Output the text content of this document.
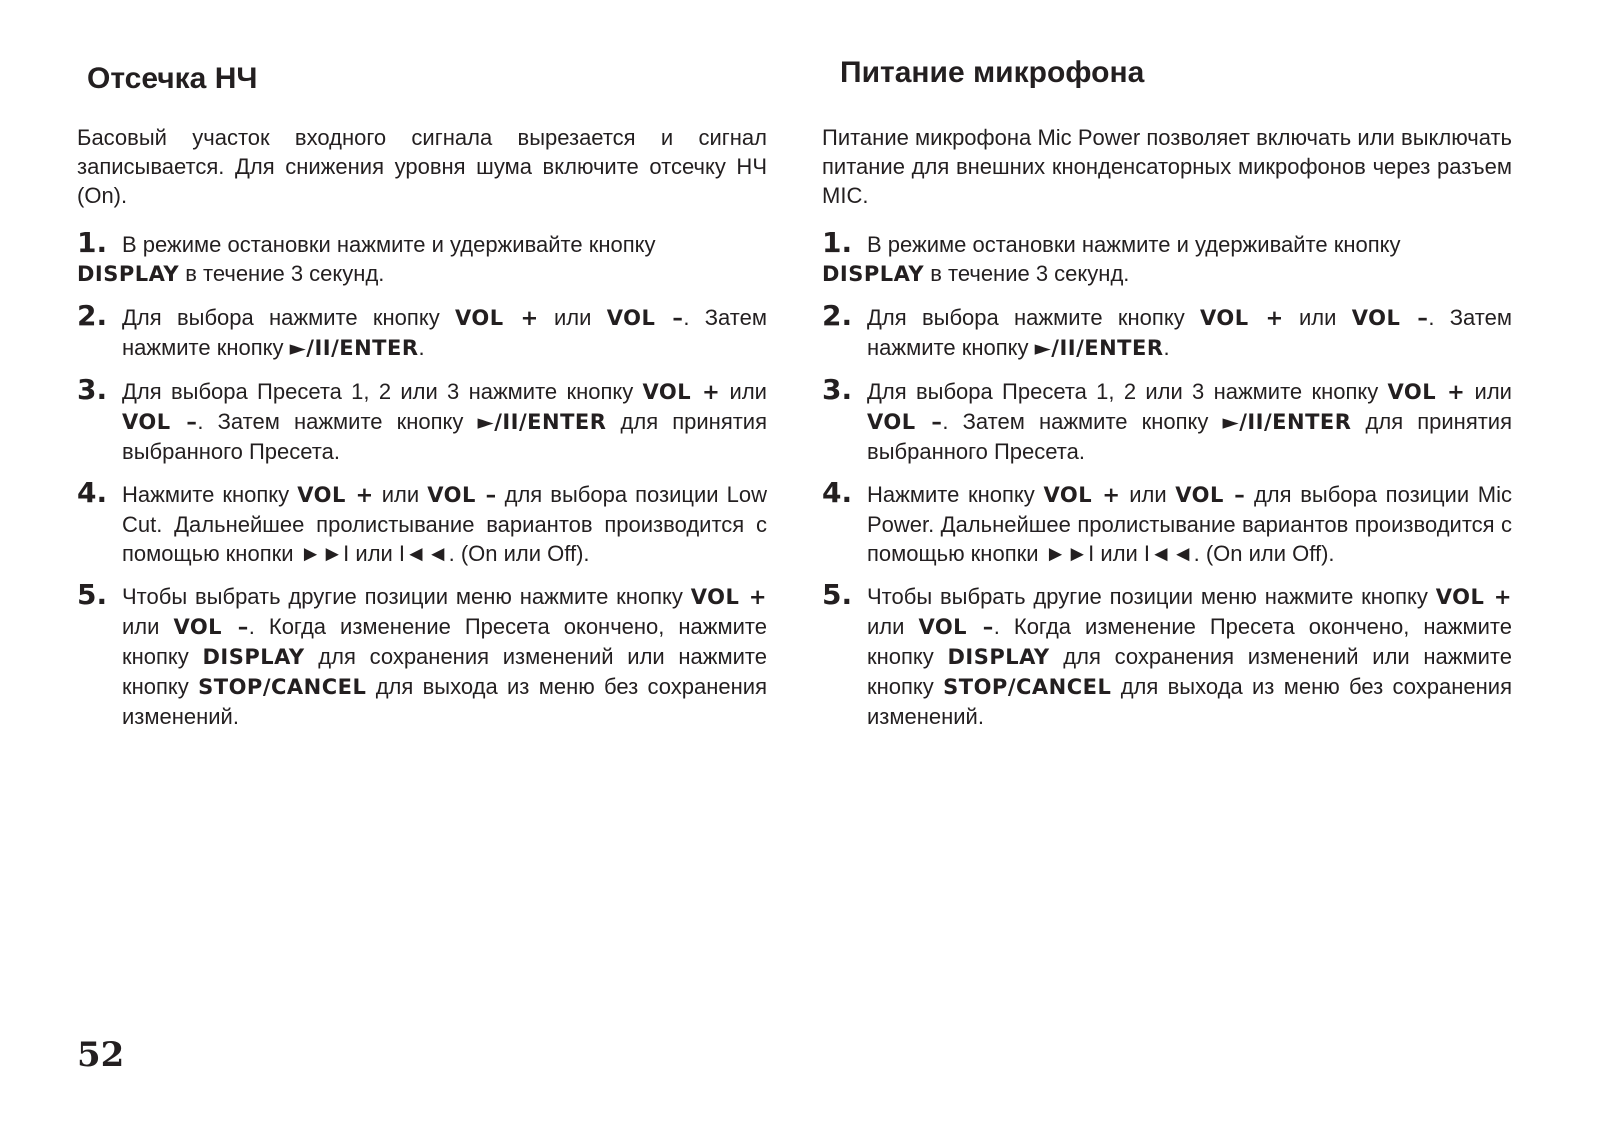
Отсечка НЧ

Басовый участок входного сигнала вырезается и сигнал записывается. Для снижения уровня шума включите отсечку НЧ (On).

1. В режиме остановки нажмите и удерживайте кнопку
DISPLAY в течение 3 секунд.
2. Для выбора нажмите кнопку VOL + или VOL –. Затем нажмите кнопку ►/II/ENTER.
3. Для выбора Пресета 1, 2 или 3 нажмите кнопку VOL + или VOL –. Затем нажмите кнопку ►/II/ENTER для принятия выбранного Пресета.
4. Нажмите кнопку VOL + или VOL – для выбора позиции Low Cut. Дальнейшее пролистывание вариантов производится с помощью кнопки ►►I или I◄◄. (On или Off).
5. Чтобы выбрать другие позиции меню нажмите кнопку VOL + или VOL –. Когда изменение Пресета окончено, нажмите кнопку DISPLAY для сохранения изменений или нажмите кнопку STOP/CANCEL для выхода из меню без сохранения изменений.
Питание микрофона

Питание микрофона Mic Power позволяет включать или выключать питание для внешних кнонденсаторных микрофонов через разъем MIC.

1. В режиме остановки нажмите и удерживайте кнопку
DISPLAY в течение 3 секунд.
2. Для выбора нажмите кнопку VOL + или VOL –. Затем нажмите кнопку ►/II/ENTER.
3. Для выбора Пресета 1, 2 или 3 нажмите кнопку VOL + или VOL –. Затем нажмите кнопку ►/II/ENTER для принятия выбранного Пресета.
4. Нажмите кнопку VOL + или VOL – для выбора позиции Mic Power. Дальнейшее пролистывание вариантов производится с помощью кнопки ►►I или I◄◄. (On или Off).
5. Чтобы выбрать другие позиции меню нажмите кнопку VOL + или VOL –. Когда изменение Пресета окончено, нажмите кнопку DISPLAY для сохранения изменений или нажмите кнопку STOP/CANCEL для выхода из меню без сохранения изменений.
52
